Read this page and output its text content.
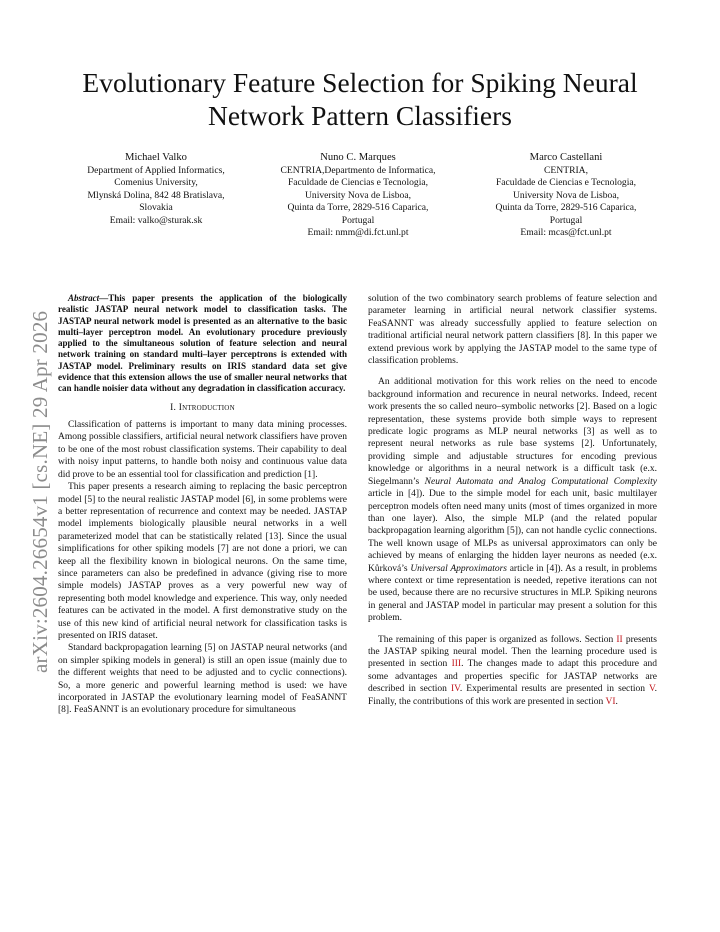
Evolutionary Feature Selection for Spiking Neural Network Pattern Classifiers
Michael Valko
Department of Applied Informatics,
Comenius University,
Mlynská Dolina, 842 48 Bratislava,
Slovakia
Email: valko@sturak.sk
Nuno C. Marques
CENTRIA,Departmento de Informatica,
Faculdade de Ciencias e Tecnologia,
University Nova de Lisboa,
Quinta da Torre, 2829-516 Caparica,
Portugal
Email: nmm@di.fct.unl.pt
Marco Castellani
CENTRIA,
Faculdade de Ciencias e Tecnologia,
University Nova de Lisboa,
Quinta da Torre, 2829-516 Caparica,
Portugal
Email: mcas@fct.unl.pt
arXiv:2604.26654v1 [cs.NE] 29 Apr 2026

Abstract—This paper presents the application of the biologically realistic JASTAP neural network model to classification tasks. The JASTAP neural network model is presented as an alternative to the basic multi–layer perceptron model. An evolutionary procedure previously applied to the simultaneous solution of feature selection and neural network training on standard multi–layer perceptrons is extended with JASTAP model. Preliminary results on IRIS standard data set give evidence that this extension allows the use of smaller neural networks that can handle noisier data without any degradation in classification accuracy.

I. Introduction

Classification of patterns is important to many data mining processes. Among possible classifiers, artificial neural network classifiers have proven to be one of the most robust classification systems. Their capability to deal with noisy input patterns, to handle both noisy and continuous value data did prove to be an essential tool for classification and prediction [1].

This paper presents a research aiming to replacing the basic perceptron model [5] to the neural realistic JASTAP model [6], in some problems were a better representation of recurrence and context may be needed. JASTAP model implements biologically plausible neural networks in a well parameterized model that can be statistically related [13]. Since the usual simplifications for other spiking models [7] are not done a priori, we can keep all the flexibility known in biological neurons. On the same time, since parameters can also be predefined in advance (giving rise to more simple models) JASTAP proves as a very powerful new way of representing both model knowledge and experience. This way, only needed features can be activated in the model. A first demonstrative study on the use of this new kind of artificial neural network for classification tasks is presented on IRIS dataset.

Standard backpropagation learning [5] on JASTAP neural networks (and on simpler spiking models in general) is still an open issue (mainly due to the different weights that need to be adjusted and to cyclic connections). So, a more generic and powerful learning method is used: we have incorporated in JASTAP the evolutionary learning model of FeaSANNT [8]. FeaSANNT is an evolutionary procedure for simultaneous

solution of the two combinatory search problems of feature selection and parameter learning in artificial neural network classifier systems. FeaSANNT was already successfully applied to feature selection on traditional artificial neural network pattern classifiers [8]. In this paper we extend previous work by applying the JASTAP model to the same type of classification problems.

An additional motivation for this work relies on the need to encode background information and recurence in neural networks. Indeed, recent work presents the so called neuro–symbolic networks [2]. Based on a logic representation, these systems provide both simple ways to represent predicate logic programs as MLP neural networks [3] as well as to represent neural networks as rule base systems [2]. Unfortunately, providing simple and adjustable structures for encoding previous knowledge or algorithms in a neural network is a difficult task (e.x. Siegelmann’s Neural Automata and Analog Computational Complexity article in [4]). Due to the simple model for each unit, basic multilayer perceptron models often need many units (most of times organized in more than one layer). Also, the simple MLP (and the related popular backpropagation learning algorithm [5]), can not handle cyclic connections. The well known usage of MLPs as universal approximators can only be achieved by means of enlarging the hidden layer neurons as needed (e.x. Kůrková’s Universal Approximators article in [4]). As a result, in problems where context or time representation is needed, repetive iterations can not be used, because there are no recursive structures in MLP. Spiking neurons in general and JASTAP model in particular may present a solution for this problem.

The remaining of this paper is organized as follows. Section II presents the JASTAP spiking neural model. Then the learning procedure used is presented in section III. The changes made to adapt this procedure and some advantages and properties specific for JASTAP networks are described in section IV. Experimental results are presented in section V. Finally, the contributions of this work are presented in section VI.
